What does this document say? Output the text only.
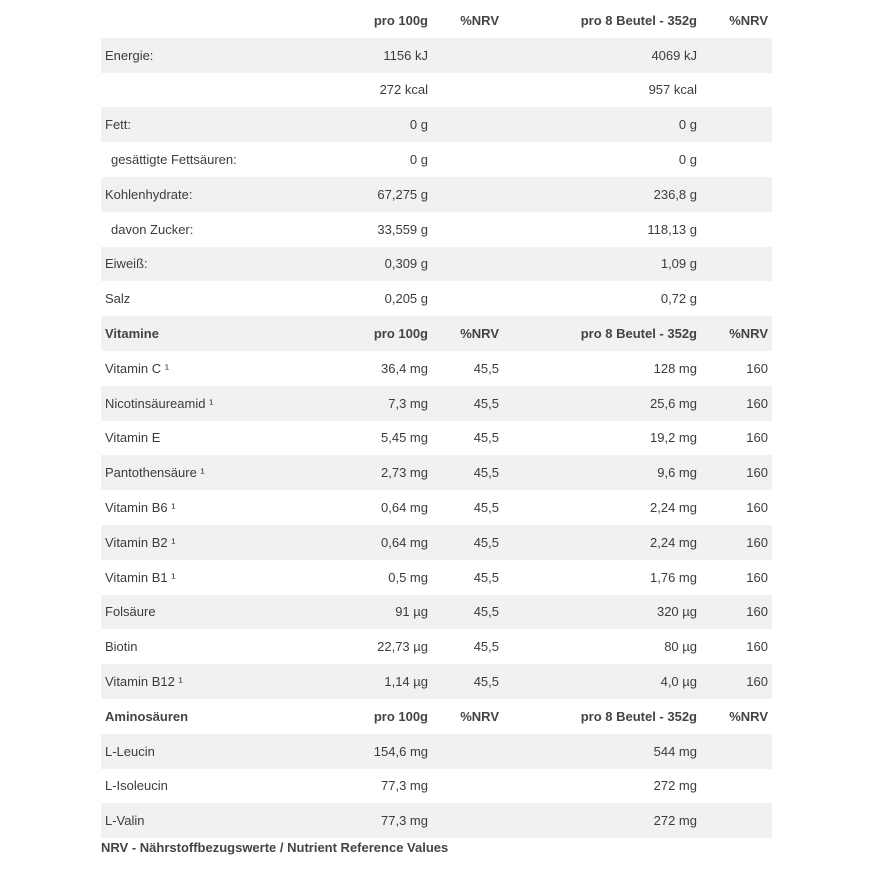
	pro 100g	%NRV	pro 8 Beutel - 352g	%NRV
Energie:	1156 kJ		4069 kJ	
	272 kcal		957 kcal	
Fett:	0 g		0 g	
gesättigte Fettsäuren:	0 g		0 g	
Kohlenhydrate:	67,275 g		236,8 g	
davon Zucker:	33,559 g		118,13 g	
Eiweiß:	0,309 g		1,09 g	
Salz	0,205 g		0,72 g	
Vitamine	pro 100g	%NRV	pro 8 Beutel - 352g	%NRV
Vitamin C ¹	36,4 mg	45,5	128 mg	160
Nicotinsäureamid ¹	7,3 mg	45,5	25,6 mg	160
Vitamin E	5,45 mg	45,5	19,2 mg	160
Pantothensäure ¹	2,73 mg	45,5	9,6 mg	160
Vitamin B6 ¹	0,64 mg	45,5	2,24 mg	160
Vitamin B2 ¹	0,64 mg	45,5	2,24 mg	160
Vitamin B1 ¹	0,5 mg	45,5	1,76 mg	160
Folsäure	91 µg	45,5	320 µg	160
Biotin	22,73 µg	45,5	80 µg	160
Vitamin B12 ¹	1,14 µg	45,5	4,0 µg	160
Aminosäuren	pro 100g	%NRV	pro 8 Beutel - 352g	%NRV
L-Leucin	154,6 mg		544 mg	
L-Isoleucin	77,3 mg		272 mg	
L-Valin	77,3 mg		272 mg	
NRV - Nährstoffbezugswerte / Nutrient Reference Values
